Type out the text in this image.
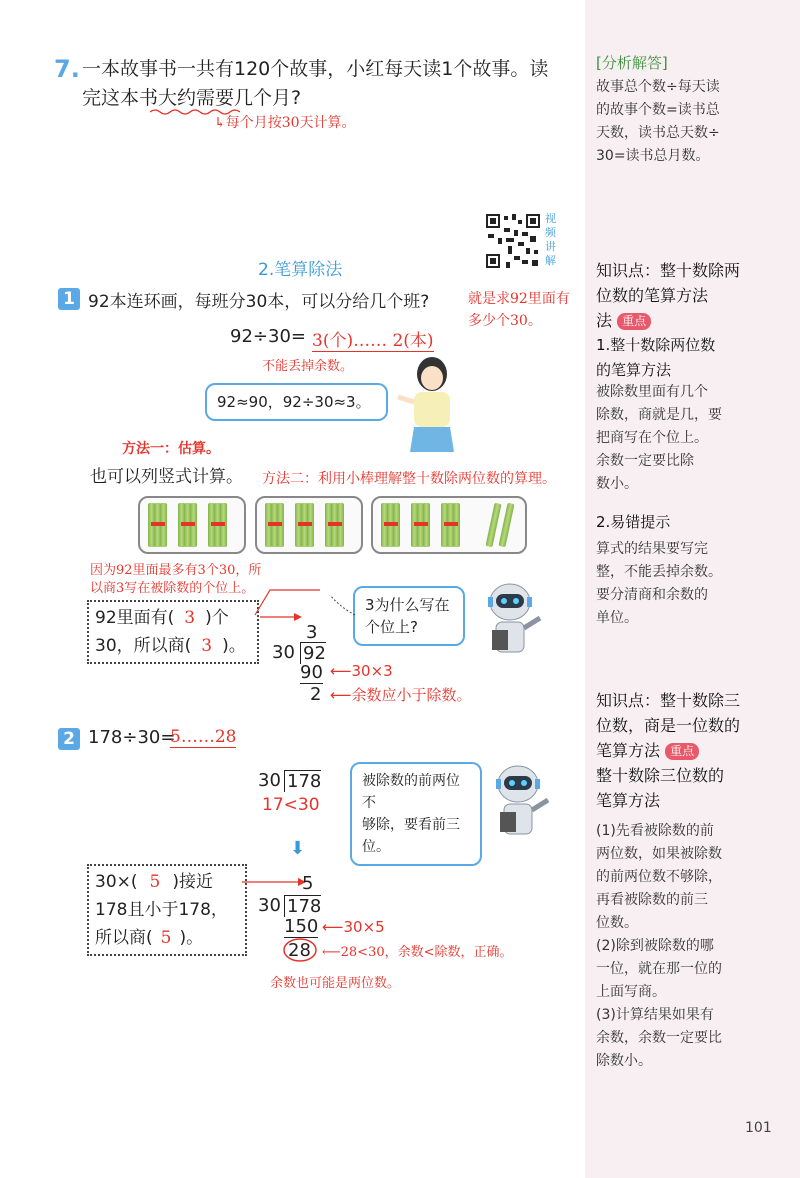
7. 一本故事书一共有120个故事，小红每天读1个故事。读
完这本书大约需要几个月?
↳每个月按30天计算。
[分析解答]
故事总个数÷每天读
的故事个数=读书总
天数，读书总天数÷
30=读书总月数。
2.笔算除法
视频讲解
1 92本连环画，每班分30本，可以分给几个班?	就是求92里面有多少个30。
92÷30= 3(个)…… 2(本)
不能丢掉余数。
92≈90，92÷30≈3。
方法一：估算。
也可以列竖式计算。 方法二：利用小棒理解整十数除两位数的算理。
因为92里面最多有3个30，所
以商3写在被除数的个位上。
92里面有( 3 )个
30，所以商( 3 )。
3为什么写在
个位上?
3
30 92
90
2
⟵30×3
⟵余数应小于除数。
2 178÷30=
5……28
30 178
17<30
被除数的前两位不
够除，要看前三位。
⬇
30×( 5 )接近
178且小于178，
所以商( 5 )。
5
30 178
150
28
⟵30×5
⟵28<30，余数<除数，正确。
余数也可能是两位数。
知识点：整十数除两
位数的笔算方法
法 重点
1.整十数除两位数
的笔算方法
被除数里面有几个
除数，商就是几，要
把商写在个位上。
余数一定要比除
数小。
2.易错提示
算式的结果要写完
整，不能丢掉余数。
要分清商和余数的
单位。
知识点：整十数除三
位数，商是一位数的
笔算方法 重点
整十数除三位数的
笔算方法
(1)先看被除数的前
两位数，如果被除数
的前两位数不够除，
再看被除数的前三
位数。
(2)除到被除数的哪
一位，就在那一位的
上面写商。
(3)计算结果如果有
余数，余数一定要比
除数小。
101
